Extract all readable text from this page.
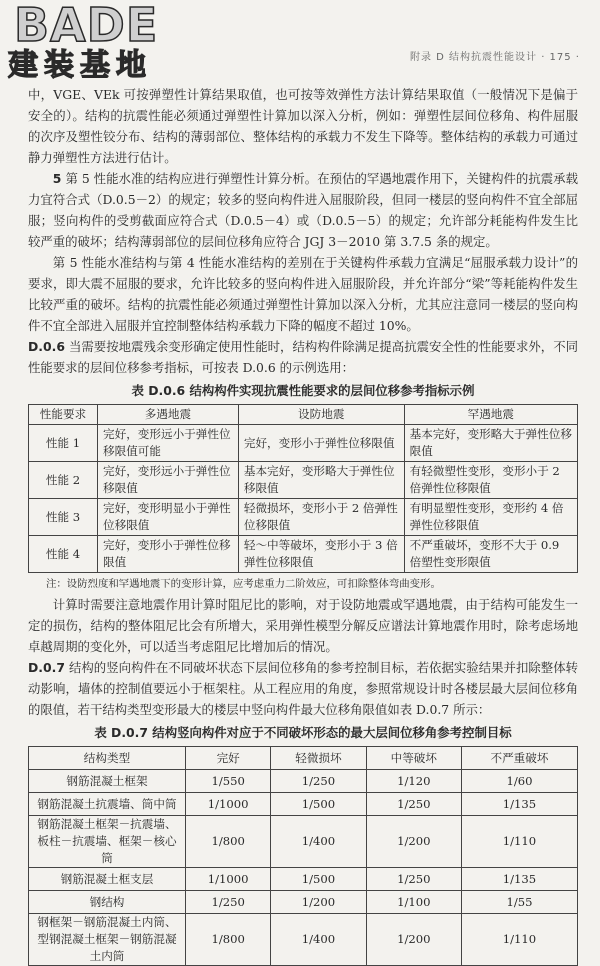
BADE
建装基地	附录 D 结构抗震性能设计 · 175 ·

中，VGE、VEk 可按弹塑性计算结果取值，也可按等效弹性方法计算结果取值（一般情况下是偏于安全的）。结构的抗震性能必须通过弹塑性计算加以深入分析，例如：弹塑性层间位移角、构件屈服的次序及塑性铰分布、结构的薄弱部位、整体结构的承载力不发生下降等。整体结构的承载力可通过静力弹塑性方法进行估计。

5 第 5 性能水准的结构应进行弹塑性计算分析。在预估的罕遇地震作用下，关键构件的抗震承载力宜符合式（D.0.5－2）的规定；较多的竖向构件进入屈服阶段，但同一楼层的竖向构件不宜全部屈服；竖向构件的受剪截面应符合式（D.0.5－4）或（D.0.5－5）的规定；允许部分耗能构件发生比较严重的破坏；结构薄弱部位的层间位移角应符合 JGJ 3－2010 第 3.7.5 条的规定。

第 5 性能水准结构与第 4 性能水准结构的差别在于关键构件承载力宜满足“屈服承载力设计”的要求，即大震不屈服的要求，允许比较多的竖向构件进入屈服阶段，并允许部分“梁”等耗能构件发生比较严重的破坏。结构的抗震性能必须通过弹塑性计算加以深入分析，尤其应注意同一楼层的竖向构件不宜全部进入屈服并宜控制整体结构承载力下降的幅度不超过 10%。

D.0.6 当需要按地震残余变形确定使用性能时，结构构件除满足提高抗震安全性的性能要求外，不同性能要求的层间位移参考指标，可按表 D.0.6 的示例选用：

表 D.0.6 结构构件实现抗震性能要求的层间位移参考指标示例
性能要求	多遇地震	设防地震	罕遇地震
性能 1	完好，变形远小于弹性位移限值可能	完好，变形小于弹性位移限值	基本完好，变形略大于弹性位移限值
性能 2	完好，变形远小于弹性位移限值	基本完好，变形略大于弹性位移限值	有轻微塑性变形，变形小于 2 倍弹性位移限值
性能 3	完好，变形明显小于弹性位移限值	轻微损坏，变形小于 2 倍弹性位移限值	有明显塑性变形，变形约 4 倍弹性位移限值
性能 4	完好，变形小于弹性位移限值	轻～中等破坏，变形小于 3 倍弹性位移限值	不严重破坏，变形不大于 0.9 倍塑性变形限值
注：设防烈度和罕遇地震下的变形计算，应考虑重力二阶效应，可扣除整体弯曲变形。

计算时需要注意地震作用计算时阻尼比的影响，对于设防地震或罕遇地震，由于结构可能发生一定的损伤，结构的整体阻尼比会有所增大，采用弹性模型分解反应谱法计算地震作用时，除考虑场地卓越周期的变化外，可以适当考虑阻尼比增加后的情况。

D.0.7 结构的竖向构件在不同破坏状态下层间位移角的参考控制目标，若依据实验结果并扣除整体转动影响，墙体的控制值要远小于框架柱。从工程应用的角度，参照常规设计时各楼层最大层间位移角的限值，若干结构类型变形最大的楼层中竖向构件最大位移角限值如表 D.0.7 所示：

表 D.0.7 结构竖向构件对应于不同破坏形态的最大层间位移角参考控制目标
结构类型	完好	轻微损坏	中等破坏	不严重破坏
钢筋混凝土框架	1/550	1/250	1/120	1/60
钢筋混凝土抗震墙、筒中筒	1/1000	1/500	1/250	1/135
钢筋混凝土框架－抗震墙、板柱－抗震墙、框架－核心筒	1/800	1/400	1/200	1/110
钢筋混凝土框支层	1/1000	1/500	1/250	1/135
钢结构	1/250	1/200	1/100	1/55
钢框架－钢筋混凝土内筒、型钢混凝土框架－钢筋混凝土内筒	1/800	1/400	1/200	1/110
